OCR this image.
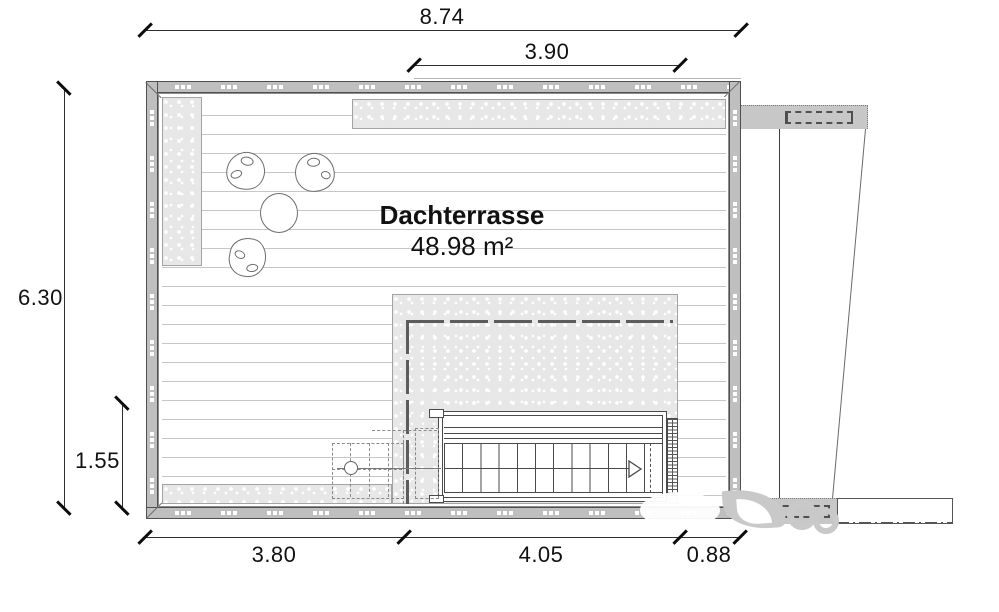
8.74
3.90
6.30
1.55
3.80	4.05	0.88
Dachterrasse
48.98 m²
